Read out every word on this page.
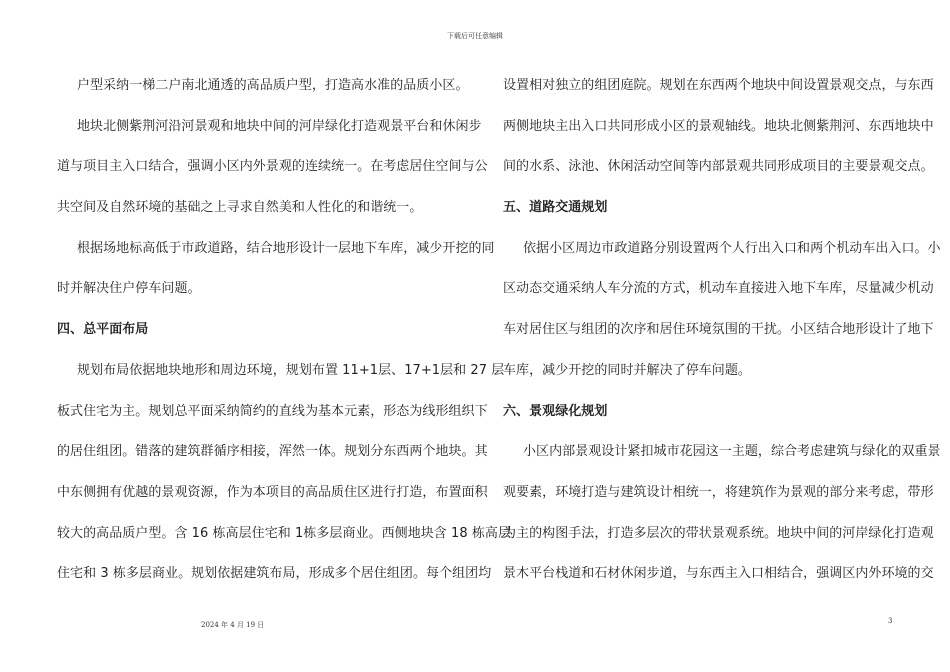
下载后可任意编辑
户型采纳一梯二户南北通透的高品质户型，打造高水准的品质小区。
地块北侧紫荆河沿河景观和地块中间的河岸绿化打造观景平台和休闲步
道与项目主入口结合，强调小区内外景观的连续统一。在考虑居住空间与公
共空间及自然环境的基础之上寻求自然美和人性化的和谐统一。
根据场地标高低于市政道路，结合地形设计一层地下车库，减少开挖的同
时并解决住户停车问题。
四、总平面布局
规划布局依据地块地形和周边环境，规划布置 11+1层、17+1层和 27 层
板式住宅为主。规划总平面采纳简约的直线为基本元素，形态为线形组织下
的居住组团。错落的建筑群循序相接，浑然一体。规划分东西两个地块。其
中东侧拥有优越的景观资源，作为本项目的高品质住区进行打造，布置面积
较大的高品质户型。含 16 栋高层住宅和 1栋多层商业。西侧地块含 18 栋高层
住宅和 3 栋多层商业。规划依据建筑布局，形成多个居住组团。每个组团均
设置相对独立的组团庭院。规划在东西两个地块中间设置景观交点，与东西
两侧地块主出入口共同形成小区的景观轴线。地块北侧紫荆河、东西地块中
间的水系、泳池、休闲活动空间等内部景观共同形成项目的主要景观交点。
五、道路交通规划
依据小区周边市政道路分别设置两个人行出入口和两个机动车出入口。小
区动态交通采纳人车分流的方式，机动车直接进入地下车库，尽量减少机动
车对居住区与组团的次序和居住环境氛围的干扰。小区结合地形设计了地下
车库，减少开挖的同时并解决了停车问题。
六、景观绿化规划
小区内部景观设计紧扣城市花园这一主题，综合考虑建筑与绿化的双重景
观要素，环境打造与建筑设计相统一，将建筑作为景观的部分来考虑，带形
为主的构图手法，打造多层次的带状景观系统。地块中间的河岸绿化打造观
景木平台栈道和石材休闲步道，与东西主入口相结合，强调区内外环境的交
2024 年 4 月 19 日	3
